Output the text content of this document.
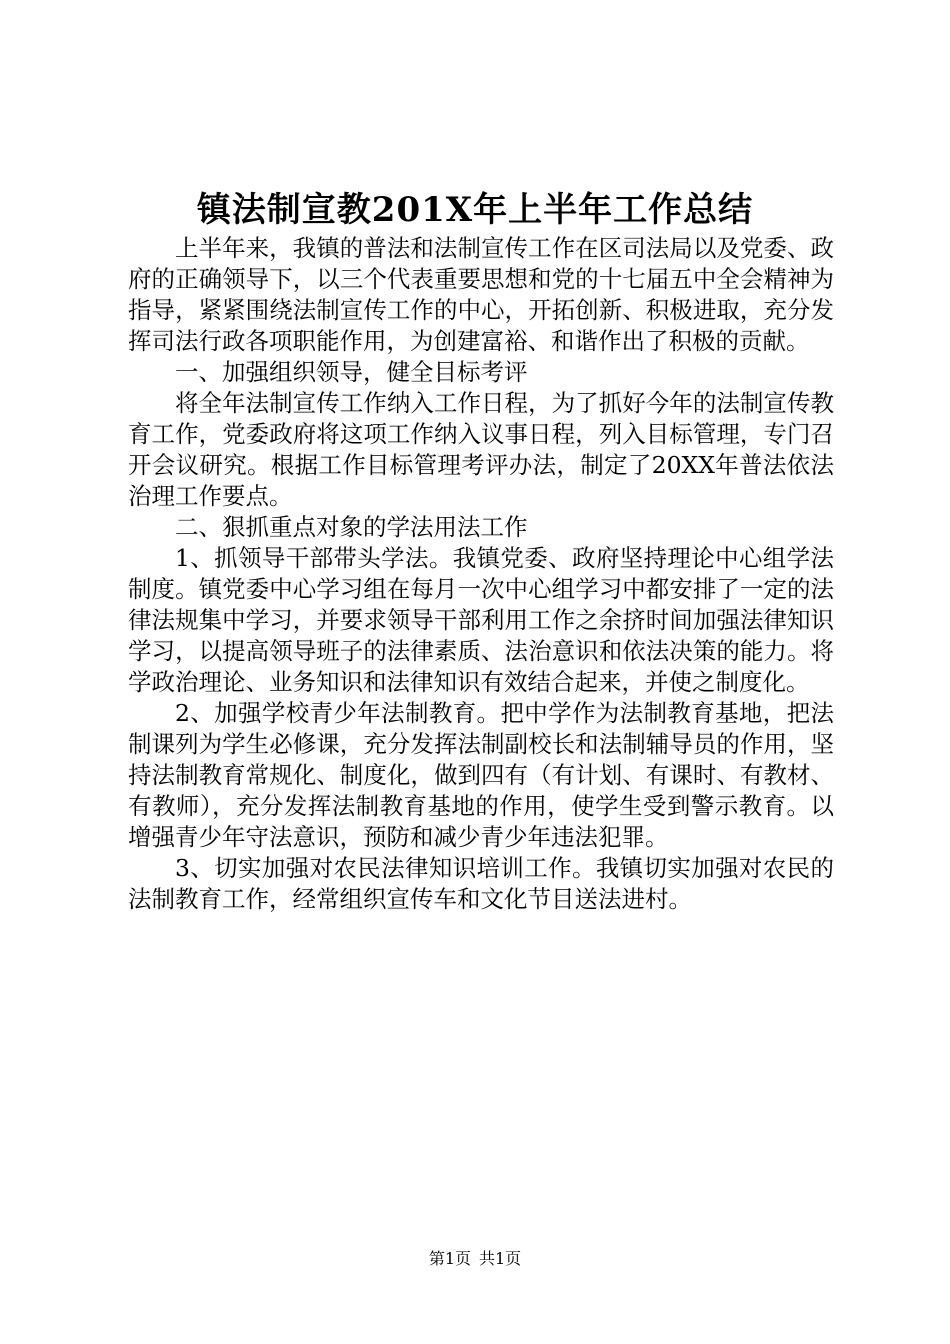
镇法制宣教201X年上半年工作总结

上半年来，我镇的普法和法制宣传工作在区司法局以及党委、政府的正确领导下，以三个代表重要思想和党的十七届五中全会精神为指导，紧紧围绕法制宣传工作的中心，开拓创新、积极进取，充分发挥司法行政各项职能作用，为创建富裕、和谐作出了积极的贡献。

一、加强组织领导，健全目标考评

将全年法制宣传工作纳入工作日程，为了抓好今年的法制宣传教育工作，党委政府将这项工作纳入议事日程，列入目标管理，专门召开会议研究。根据工作目标管理考评办法，制定了20XX年普法依法治理工作要点。

二、狠抓重点对象的学法用法工作

1、抓领导干部带头学法。我镇党委、政府坚持理论中心组学法制度。镇党委中心学习组在每月一次中心组学习中都安排了一定的法律法规集中学习，并要求领导干部利用工作之余挤时间加强法律知识学习，以提高领导班子的法律素质、法治意识和依法决策的能力。将学政治理论、业务知识和法律知识有效结合起来，并使之制度化。

2、加强学校青少年法制教育。把中学作为法制教育基地，把法制课列为学生必修课，充分发挥法制副校长和法制辅导员的作用，坚持法制教育常规化、制度化，做到四有（有计划、有课时、有教材、有教师），充分发挥法制教育基地的作用，使学生受到警示教育。以增强青少年守法意识，预防和减少青少年违法犯罪。

3、切实加强对农民法律知识培训工作。我镇切实加强对农民的法制教育工作，经常组织宣传车和文化节目送法进村。

第1页 共1页
